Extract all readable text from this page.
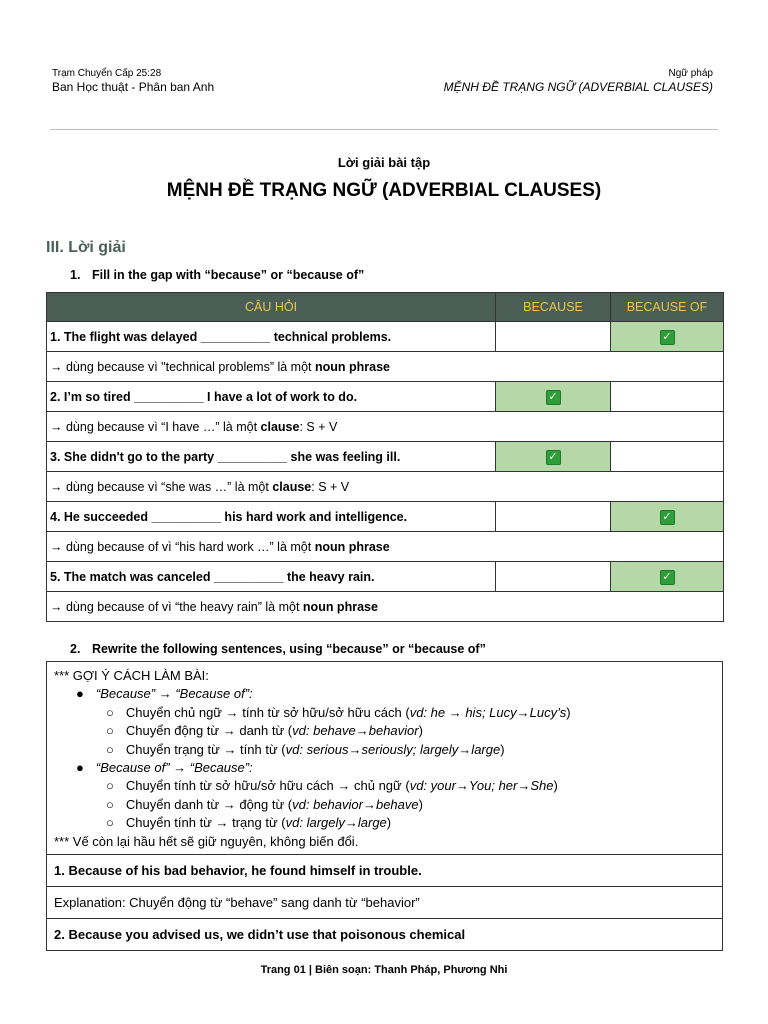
Trạm Chuyển Cấp 25:28
Ban Học thuật - Phân ban Anh
Ngữ pháp
MỆNH ĐỀ TRẠNG NGỮ (ADVERBIAL CLAUSES)
Lời giải bài tập
MỆNH ĐỀ TRẠNG NGỮ (ADVERBIAL CLAUSES)
III. Lời giải
1. Fill in the gap with “because” or “because of”
CÂU HỎI	BECAUSE	BECAUSE OF
1. The flight was delayed __________ technical problems.		✓
→ dùng because vì "technical problems” là một noun phrase		
2. I’m so tired __________ I have a lot of work to do.	✓	
→ dùng because vì “I have …” là một clause: S + V		
3. She didn't go to the party __________ she was feeling ill.	✓	
→ dùng because vì “she was …” là một clause: S + V		
4. He succeeded __________ his hard work and intelligence.		✓
→ dùng because of vì “his hard work …” là một noun phrase		
5. The match was canceled __________ the heavy rain.		✓
→ dùng because of vì “the heavy rain” là một noun phrase		
2. Rewrite the following sentences, using “because” or “because of”
*** GỢI Ý CÁCH LÀM BÀI:
● “Because” → “Because of”:
○ Chuyển chủ ngữ → tính từ sở hữu/sở hữu cách (vd: he → his; Lucy→Lucy’s)
○ Chuyển động từ → danh từ (vd: behave→behavior)
○ Chuyển trạng từ → tính từ (vd: serious→seriously; largely→large)
● “Because of” → “Because”:
○ Chuyển tính từ sở hữu/sở hữu cách → chủ ngữ (vd: your→You; her→She)
○ Chuyển danh từ → động từ (vd: behavior→behave)
○ Chuyển tính từ → trạng từ (vd: largely→large)
*** Vế còn lại hầu hết sẽ giữ nguyên, không biến đổi.
1. Because of his bad behavior, he found himself in trouble.
Explanation: Chuyển động từ “behave” sang danh từ “behavior”
2. Because you advised us, we didn’t use that poisonous chemical
Trang 01 | Biên soạn: Thanh Pháp, Phương Nhi
